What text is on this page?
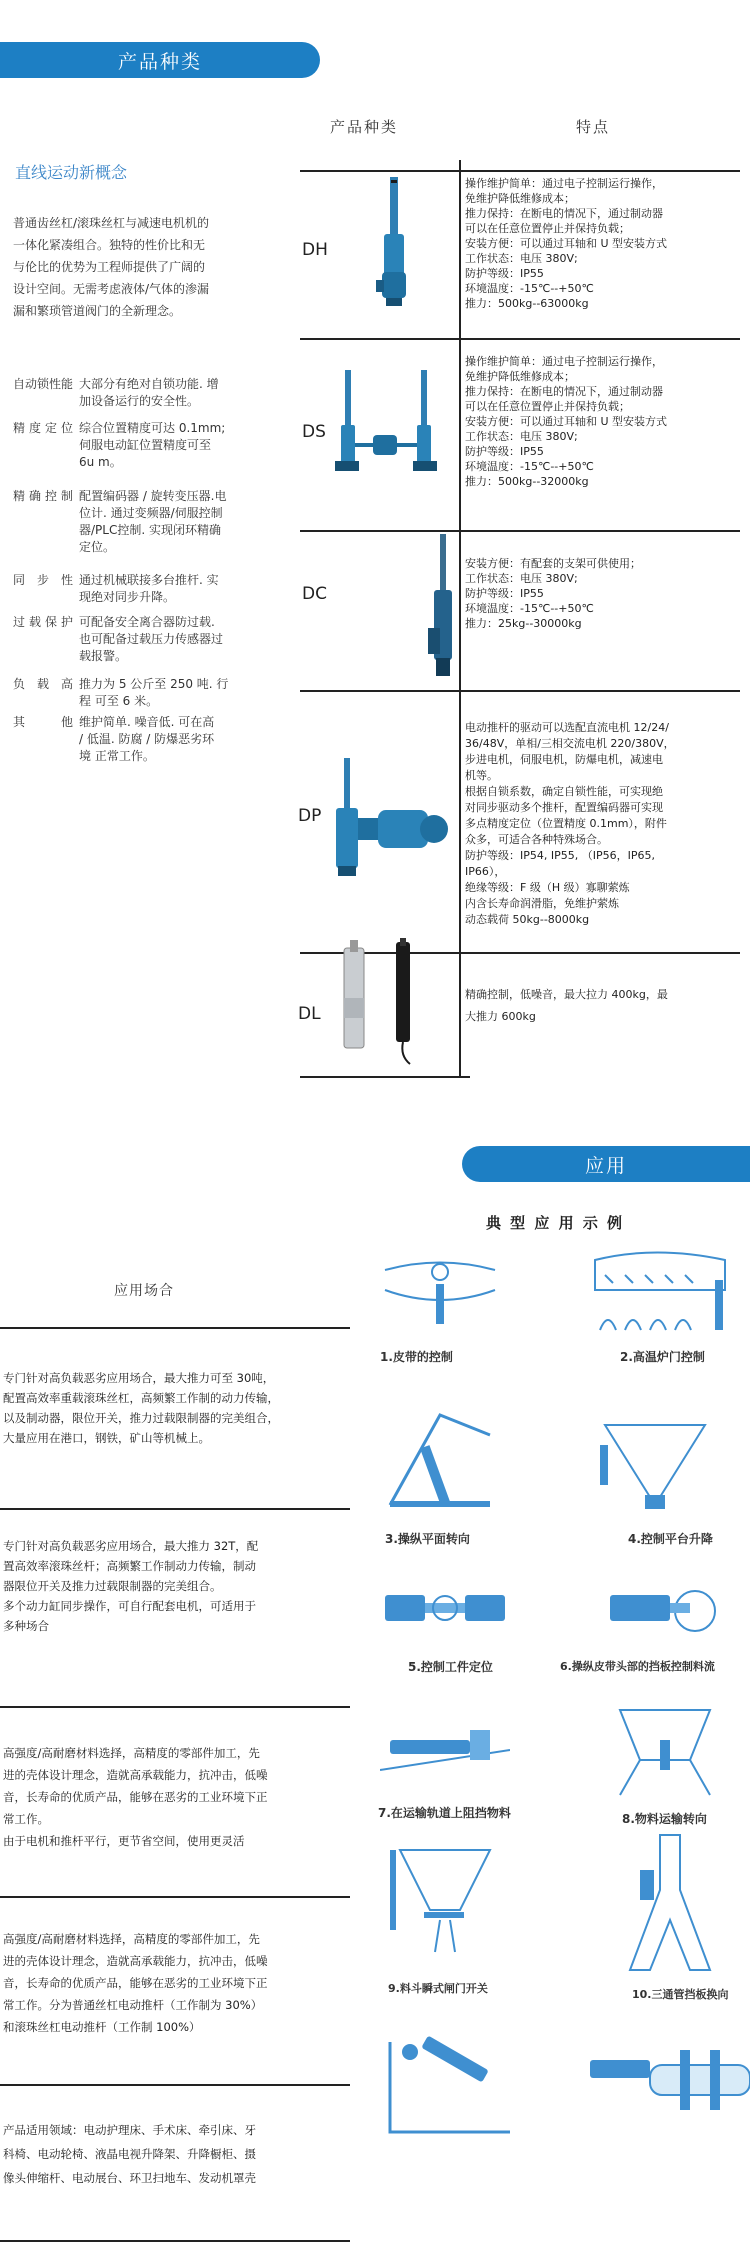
产品种类
直线运动新概念
普通齿丝杠/滚珠丝杠与减速电机机的
一体化紧凑组合。独特的性价比和无
与伦比的优势为工程师提供了广阔的
设计空间。无需考虑液体/气体的渗漏
漏和繁琐管道阀门的全新理念。
自动锁性能 大部分有绝对自锁功能. 增
加设备运行的安全性。
精度定位 综合位置精度可达 0.1mm;
伺服电动缸位置精度可至
6u m。
精确控制 配置编码器 / 旋转变压器.电
位计. 通过变频器/伺服控制
器/PLC控制. 实现闭环精确
定位。
同步性 通过机械联接多台推杆. 实
现绝对同步升降。
过载保护 可配备安全离合器防过载.
也可配备过载压力传感器过
载报警。
负载高 推力为 5 公斤至 250 吨. 行
程 可至 6 米。
其他 维护简单. 噪音低. 可在高
/ 低温. 防腐 / 防爆恶劣环
境 正常工作。
产品种类	特点
DH
操作维护简单：通过电子控制运行操作，
免维护降低维修成本；
推力保持：在断电的情况下，通过制动器
可以在任意位置停止并保持负载；
安装方便：可以通过耳轴和 U 型安装方式
工作状态：电压 380V;
防护等级：IP55
环境温度：-15℃--+50℃
推力：500kg--63000kg
DS
操作维护简单：通过电子控制运行操作，
免维护降低维修成本；
推力保持：在断电的情况下，通过制动器
可以在任意位置停止并保持负载；
安装方便：可以通过耳轴和 U 型安装方式
工作状态：电压 380V;
防护等级：IP55
环境温度：-15℃--+50℃
推力：500kg--32000kg
DC
安装方便：有配套的支架可供使用；
工作状态：电压 380V;
防护等级：IP55
环境温度：-15℃--+50℃
推力：25kg--30000kg
DP
电动推杆的驱动可以选配直流电机 12/24/
36/48V，单相/三相交流电机 220/380V，
步进电机，伺服电机，防爆电机，减速电
机等。
根据自锁系数，确定自锁性能，可实现绝
对同步驱动多个推杆，配置编码器可实现
多点精度定位（位置精度 0.1mm），附件
众多，可适合各种特殊场合。
防护等级：IP54, IP55, （IP56，IP65,
IP66），
绝缘等级：F 级（H 级）寡聊萦炼
内含长寿命润滑脂，免维护萦炼
动态载荷 50kg--8000kg
DL
精确控制，低噪音，最大拉力 400kg，最
大推力 600kg
应用
应用场合
专门针对高负载恶劣应用场合，最大推力可至 30吨，
配置高效率重载滚珠丝杠，高频繁工作制的动力传输，
以及制动器，限位开关，推力过载限制器的完美组合，
大量应用在港口，钢铁，矿山等机械上。
专门针对高负载恶劣应用场合，最大推力 32T，配
置高效率滚珠丝杆；高频繁工作制动力传输，制动
器限位开关及推力过载限制器的完美组合。
多个动力缸同步操作，可自行配套电机，可适用于
多种场合
高强度/高耐磨材料选择，高精度的零部件加工，先
进的壳体设计理念，造就高承载能力，抗冲击，低噪
音，长寿命的优质产品，能够在恶劣的工业环境下正
常工作。
由于电机和推杆平行，更节省空间，使用更灵活
高强度/高耐磨材料选择，高精度的零部件加工，先
进的壳体设计理念，造就高承载能力，抗冲击，低噪
音，长寿命的优质产品，能够在恶劣的工业环境下正
常工作。分为普通丝杠电动推杆（工作制为 30%）
和滚珠丝杠电动推杆（工作制 100%）
产品适用领域：电动护理床、手术床、牵引床、牙
科椅、电动轮椅、液晶电视升降架、升降橱柜、摄
像头伸缩杆、电动展台、环卫扫地车、发动机罩壳
典 型 应 用 示 例
1.皮带的控制	2.高温炉门控制
3.操纵平面转向	4.控制平台升降
5.控制工件定位	6.操纵皮带头部的挡板控制料流
7.在运输轨道上阻挡物料	8.物料运输转向
9.料斗瞬式闸门开关	10.三通管挡板换向
